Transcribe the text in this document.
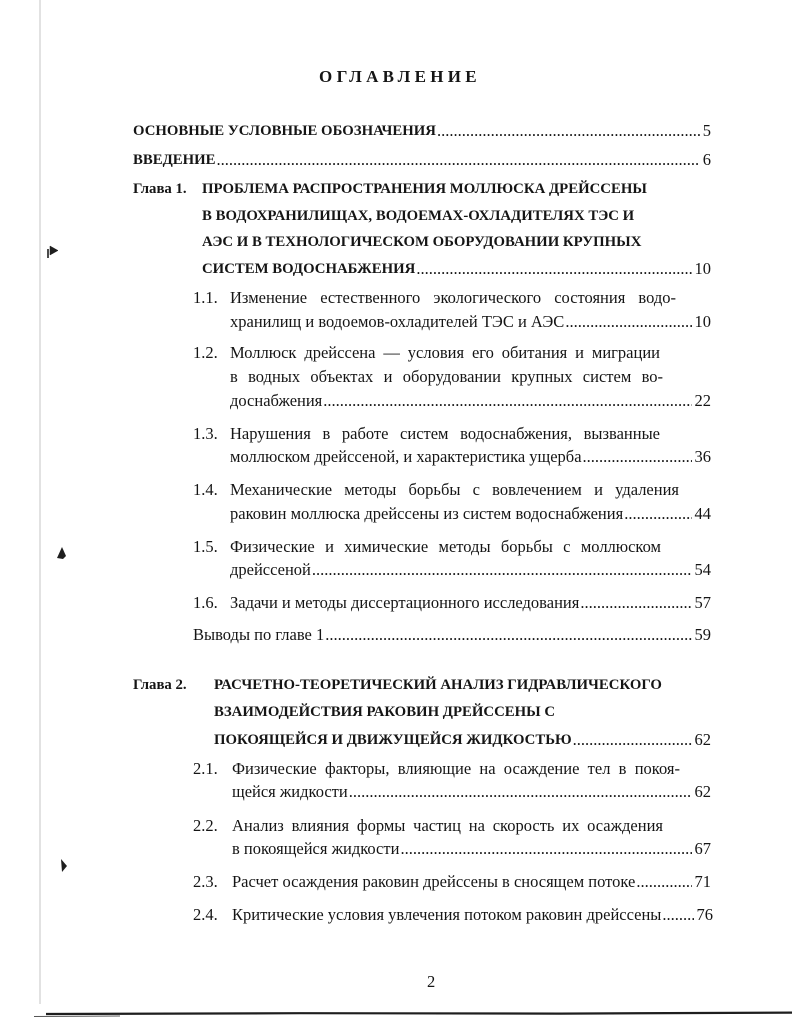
ОГЛАВЛЕНИЕ
ОСНОВНЫЕ УСЛОВНЫЕ ОБОЗНАЧЕНИЯ .....	5
ВВЕДЕНИЕ .....	6
Глава 1. ПРОБЛЕМА РАСПРОСТРАНЕНИЯ МОЛЛЮСКА ДРЕЙССЕНЫ
В ВОДОХРАНИЛИЩАХ, ВОДОЕМАХ-ОХЛАДИТЕЛЯХ ТЭС И
АЭС И В ТЕХНОЛОГИЧЕСКОМ ОБОРУДОВАНИИ КРУПНЫХ
СИСТЕМ ВОДОСНАБЖЕНИЯ .....	10
1.1. Изменение естественного экологического состояния водо-
хранилищ и водоемов-охладителей ТЭС и АЭС .....	10
1.2. Моллюск дрейссена — условия его обитания и миграции
в водных объектах и оборудовании крупных систем во-
доснабжения .....	22
1.3. Нарушения в работе систем водоснабжения, вызванные
моллюском дрейссеной, и характеристика ущерба .....	36
1.4. Механические методы борьбы с вовлечением и удаления
раковин моллюска дрейссены из систем водоснабжения .....	44
1.5. Физические и химические методы борьбы с моллюском
дрейссеной .....	54
1.6. Задачи и методы диссертационного исследования .....	57
Выводы по главе 1 .....	59
Глава 2. РАСЧЕТНО-ТЕОРЕТИЧЕСКИЙ АНАЛИЗ ГИДРАВЛИЧЕСКОГО
ВЗАИМОДЕЙСТВИЯ РАКОВИН ДРЕЙССЕНЫ С
ПОКОЯЩЕЙСЯ И ДВИЖУЩЕЙСЯ ЖИДКОСТЬЮ .....	62
2.1. Физические факторы, влияющие на осаждение тел в покоя-
щейся жидкости .....	62
2.2. Анализ влияния формы частиц на скорость их осаждения
в покоящейся жидкости .....	67
2.3. Расчет осаждения раковин дрейссены в сносящем потоке .....	71
2.4. Критические условия увлечения потоком раковин дрейссены ..... 76
2
